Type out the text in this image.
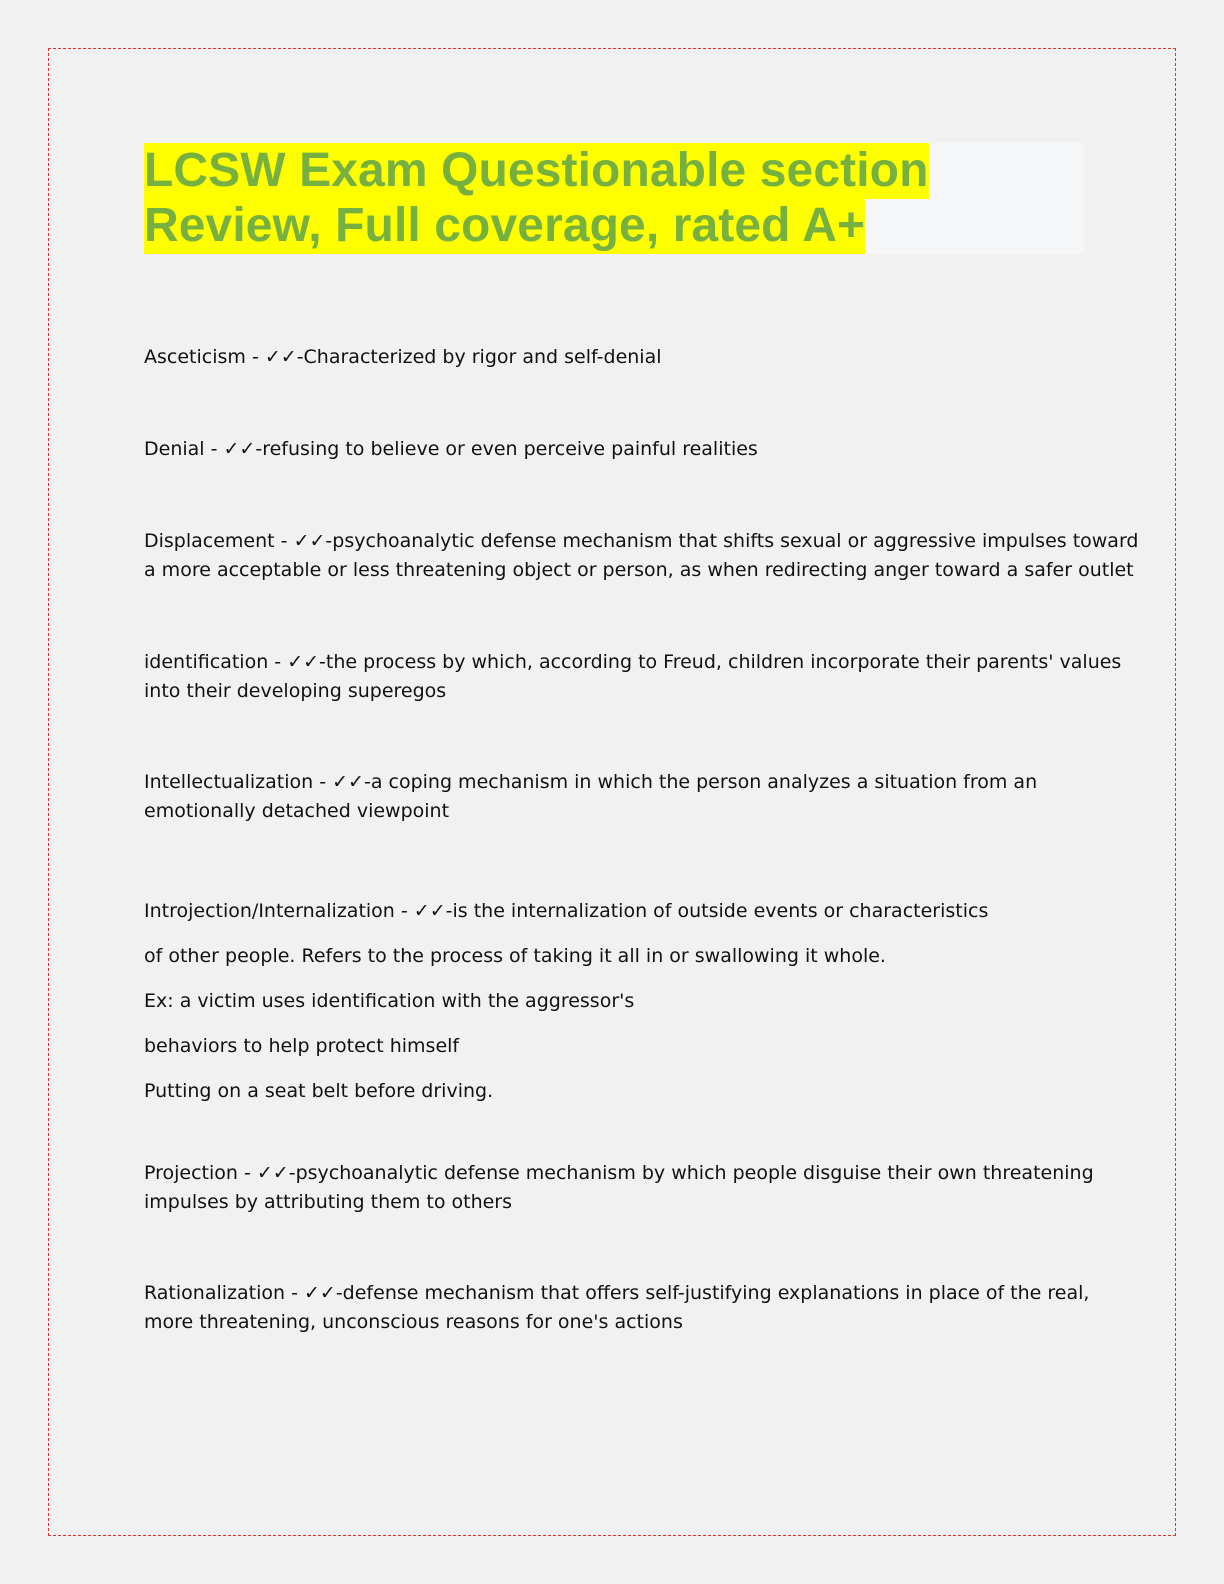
LCSW Exam Questionable section
Review, Full coverage, rated A+
Asceticism - ✓✓-Characterized by rigor and self-denial
Denial - ✓✓-refusing to believe or even perceive painful realities
Displacement - ✓✓-psychoanalytic defense mechanism that shifts sexual or aggressive impulses toward
a more acceptable or less threatening object or person, as when redirecting anger toward a safer outlet
identification - ✓✓-the process by which, according to Freud, children incorporate their parents' values
into their developing superegos
Intellectualization - ✓✓-a coping mechanism in which the person analyzes a situation from an
emotionally detached viewpoint
Introjection/Internalization - ✓✓-is the internalization of outside events or characteristics
of other people. Refers to the process of taking it all in or swallowing it whole.
Ex: a victim uses identification with the aggressor's
behaviors to help protect himself
Putting on a seat belt before driving.
Projection - ✓✓-psychoanalytic defense mechanism by which people disguise their own threatening
impulses by attributing them to others
Rationalization - ✓✓-defense mechanism that offers self-justifying explanations in place of the real,
more threatening, unconscious reasons for one's actions
